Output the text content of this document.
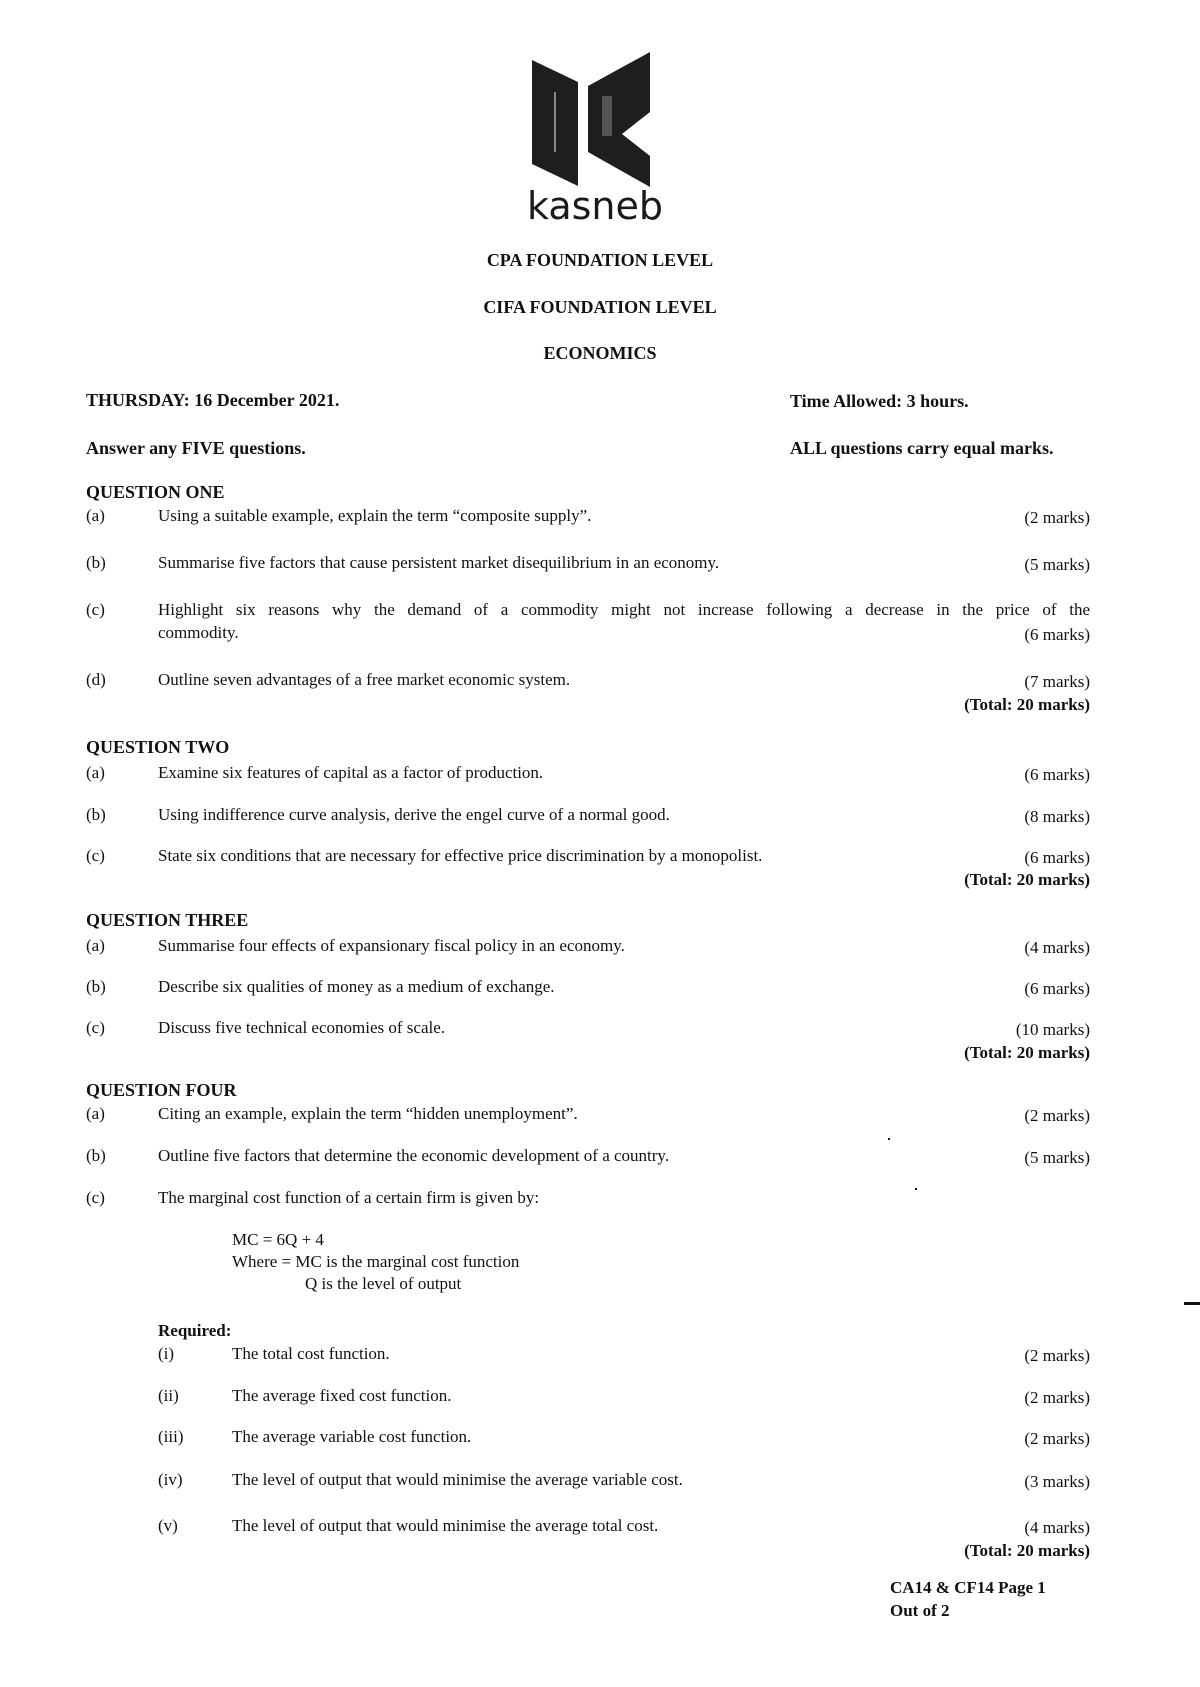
kasneb
CPA FOUNDATION LEVEL
CIFA FOUNDATION LEVEL
ECONOMICS
THURSDAY: 16 December 2021.	Time Allowed: 3 hours.
Answer any FIVE questions.	ALL questions carry equal marks.
QUESTION ONE
(a)	Using a suitable example, explain the term “composite supply”.	(2 marks)
(b)	Summarise five factors that cause persistent market disequilibrium in an economy.	(5 marks)
(c)	Highlight six reasons why the demand of a commodity might not increase following a decrease in the price of the
commodity.	(6 marks)
(d)	Outline seven advantages of a free market economic system.	(7 marks)
(Total: 20 marks)
QUESTION TWO
(a)	Examine six features of capital as a factor of production.	(6 marks)
(b)	Using indifference curve analysis, derive the engel curve of a normal good.	(8 marks)
(c)	State six conditions that are necessary for effective price discrimination by a monopolist.	(6 marks)
(Total: 20 marks)
QUESTION THREE
(a)	Summarise four effects of expansionary fiscal policy in an economy.	(4 marks)
(b)	Describe six qualities of money as a medium of exchange.	(6 marks)
(c)	Discuss five technical economies of scale.	(10 marks)
(Total: 20 marks)
QUESTION FOUR
(a)	Citing an example, explain the term “hidden unemployment”.	(2 marks)
(b)	Outline five factors that determine the economic development of a country.	(5 marks)
(c)	The marginal cost function of a certain firm is given by:
MC = 6Q + 4
Where = MC is the marginal cost function
Q is the level of output
Required:
(i)	The total cost function.	(2 marks)
(ii)	The average fixed cost function.	(2 marks)
(iii)	The average variable cost function.	(2 marks)
(iv)	The level of output that would minimise the average variable cost.	(3 marks)
(v)	The level of output that would minimise the average total cost.	(4 marks)
(Total: 20 marks)
CA14 & CF14 Page 1
Out of 2
